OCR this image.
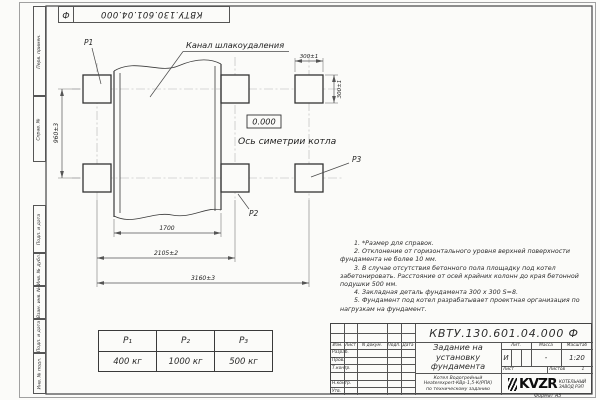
P1
P2
P3
Канал шлакоудаления
0.000
Ось симетрии котла
1700
2105±2
3160±3
960±3
300±1
300±1
КВТУ.130.601.04.000
Ф
Перв. примен.
Справ. №
Подп. и дата
Инв. № дубл.
Взам. инв. №
Подп. и дата
Инв. № подл.

1. *Размер для справок.

2. Отклонение от горизонтального уровня верхней поверхности фундамента не более 10 мм.

3. В случае отсутствия бетонного пола площадку под котел забетонировать. Расстояние от осей крайних колонн до края бетонной подушки 500 мм.

4. Закладная деталь фундамента 300 х 300 S=8.

5. Фундамент под котел разрабатывает проектная организация по нагрузкам на фундамент.

P₁	P₂	P₃
400 кг	1000 кг	500 кг
Изм. Лист	N докум.	Подп. Дата
Разраб.
Пров.
Т.контр.
Н.контр.
Утв.
КВТУ.130.601.04.000 Ф
Задание на
установку
фундамента
Котел Водогрейный
Heaterexpert-КВр-1,5-К(РПК)
по техническому заданию
Лит.	Масса	Масштаб
И	-	1:20
Лист	Листов	1
KVZR КОТЕЛЬНЫЙ
ЗАВОД РЭП
Формат А3
